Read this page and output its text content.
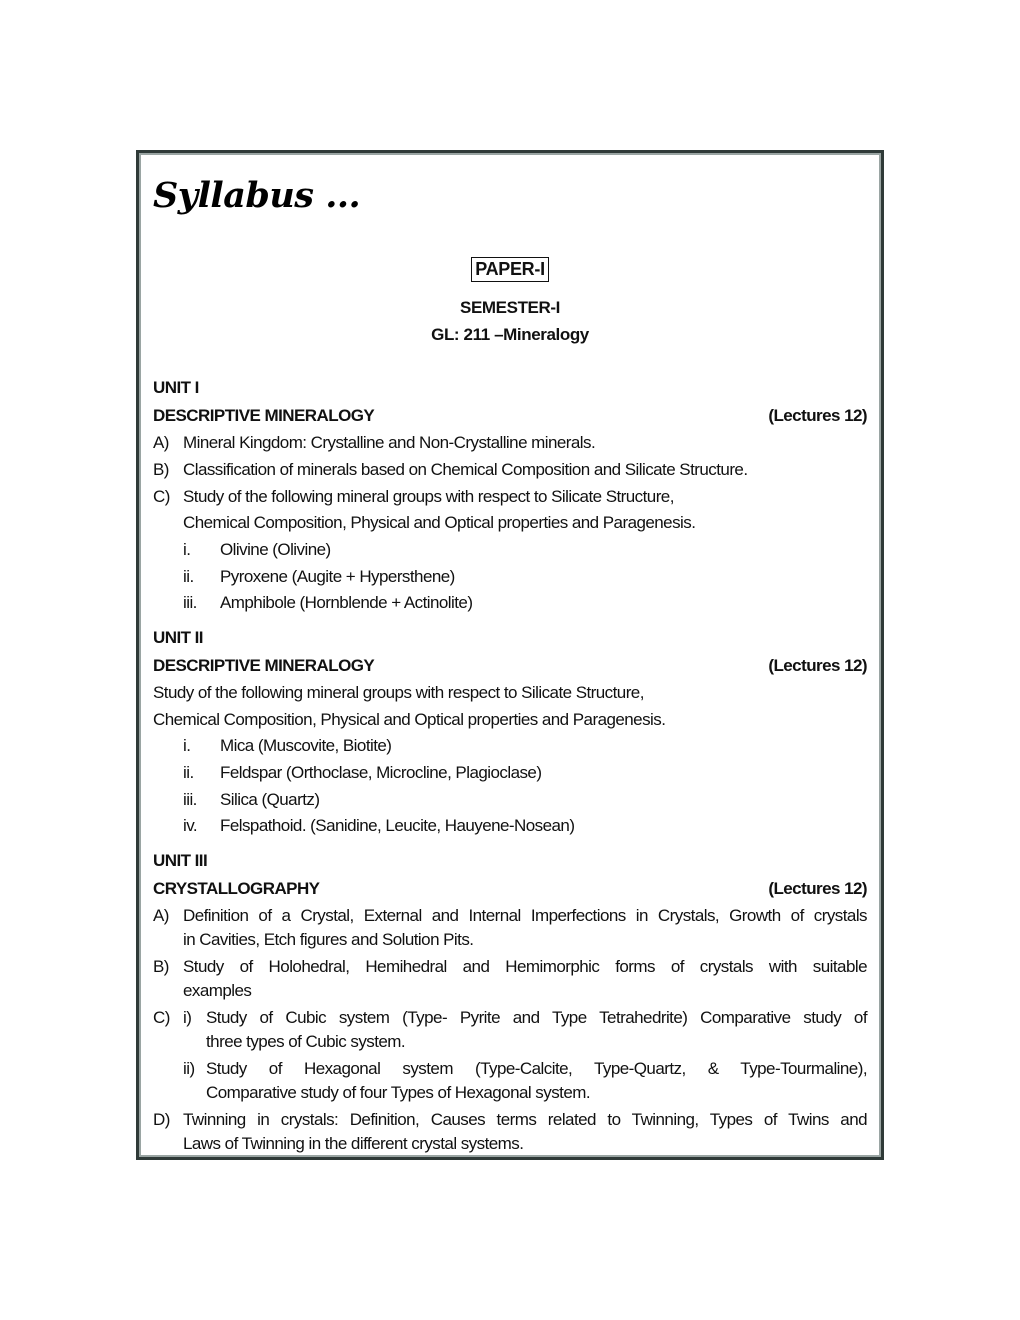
Syllabus ...
PAPER-I
SEMESTER-I
GL: 211 –Mineralogy
UNIT I
DESCRIPTIVE MINERALOGY	(Lectures 12)
A) Mineral Kingdom: Crystalline and Non-Crystalline minerals.
B) Classification of minerals based on Chemical Composition and Silicate Structure.
C) Study of the following mineral groups with respect to Silicate Structure,
Chemical Composition, Physical and Optical properties and Paragenesis.
i. Olivine (Olivine)
ii. Pyroxene (Augite + Hypersthene)
iii. Amphibole (Hornblende + Actinolite)
UNIT II
DESCRIPTIVE MINERALOGY	(Lectures 12)
Study of the following mineral groups with respect to Silicate Structure,
Chemical Composition, Physical and Optical properties and Paragenesis.
i. Mica (Muscovite, Biotite)
ii. Feldspar (Orthoclase, Microcline, Plagioclase)
iii. Silica (Quartz)
iv. Felspathoid. (Sanidine, Leucite, Hauyene-Nosean)
UNIT III
CRYSTALLOGRAPHY	(Lectures 12)
A) Definition of a Crystal, External and Internal Imperfections in Crystals, Growth of crystals
in Cavities, Etch figures and Solution Pits.
B) Study of Holohedral, Hemihedral and Hemimorphic forms of crystals with suitable
examples
C) i) Study of Cubic system (Type- Pyrite and Type Tetrahedrite) Comparative study of
three types of Cubic system.
ii) Study of Hexagonal system (Type-Calcite, Type-Quartz, & Type-Tourmaline),
Comparative study of four Types of Hexagonal system.
D) Twinning in crystals: Definition, Causes terms related to Twinning, Types of Twins and
Laws of Twinning in the different crystal systems.
